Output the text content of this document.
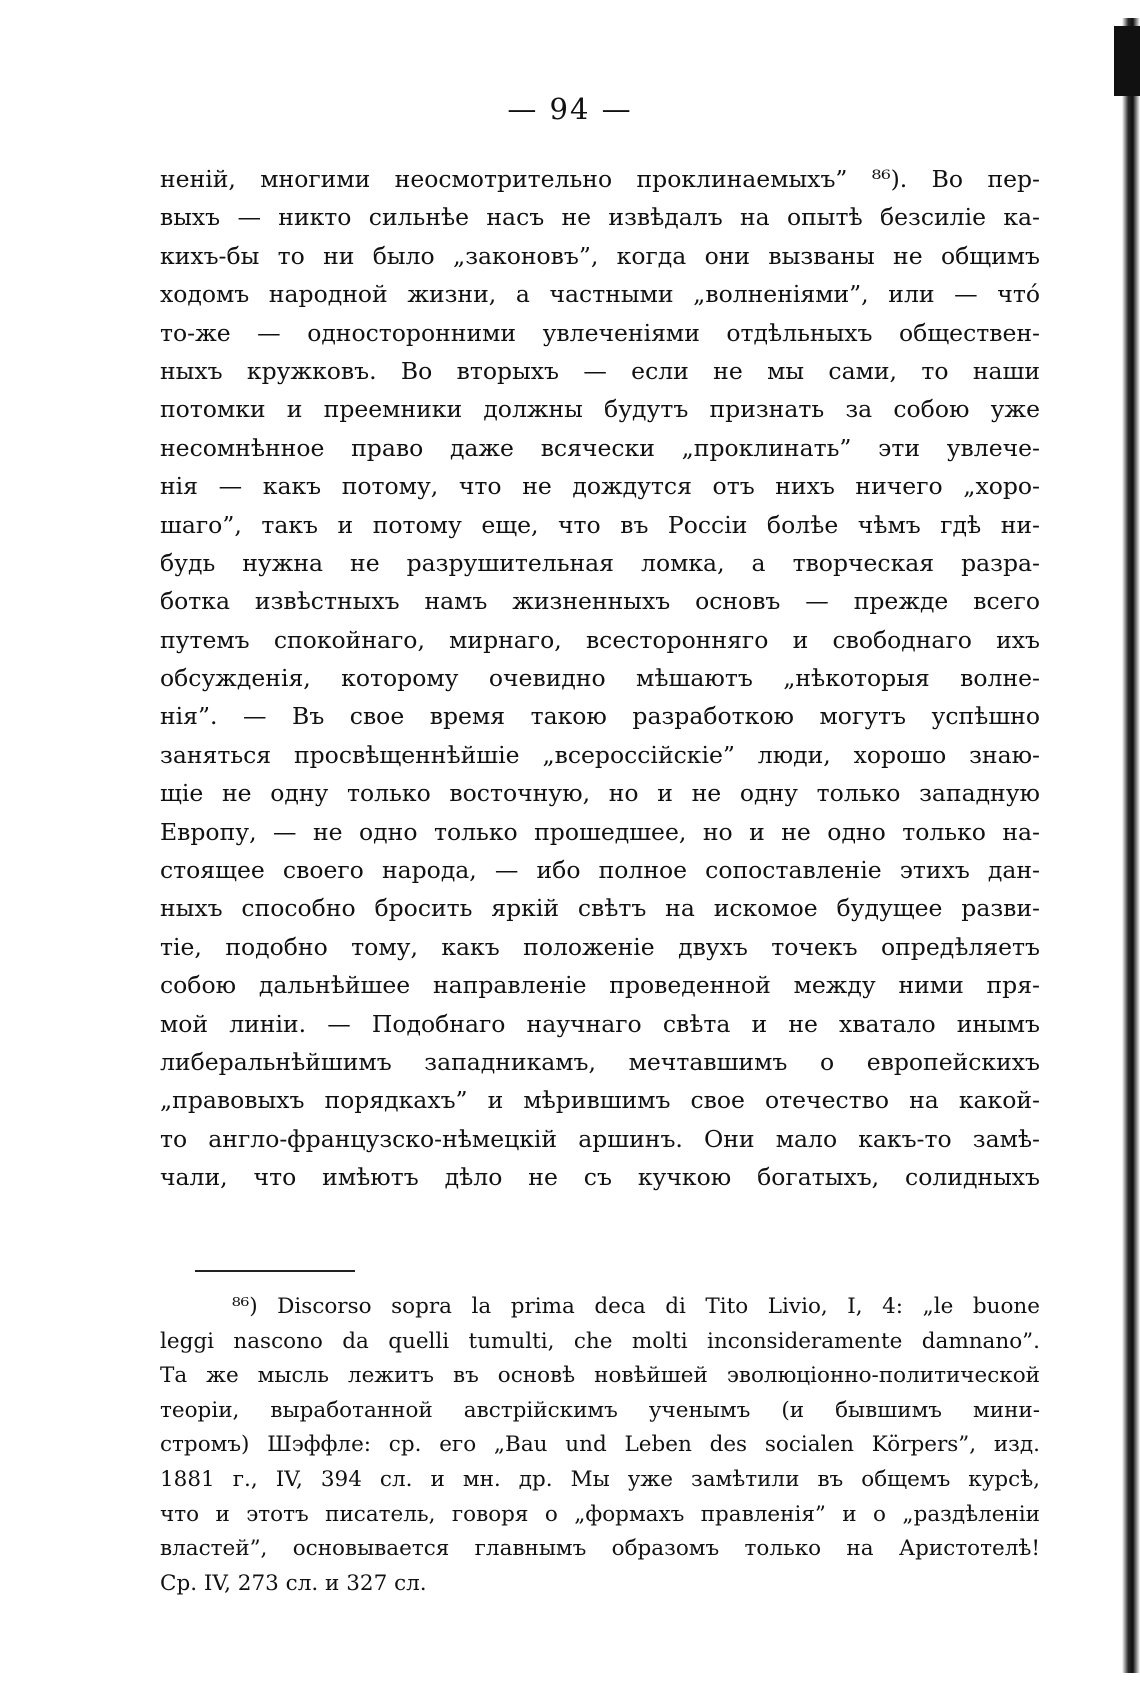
— 94 —
ненiй, многими неосмотрительно проклинаемыхъ” ⁸⁶). Во пер-
выхъ — никто сильнѣе насъ не извѣдалъ на опытѣ безсилiе ка-
кихъ-бы то ни было „законовъ”, когда они вызваны не общимъ
ходомъ народной жизни, а частными „волненiями”, или — чтó
то-же — односторонними увлеченiями отдѣльныхъ обществен-
ныхъ кружковъ. Во вторыхъ — если не мы сами, то наши
потомки и преемники должны будутъ признать за собою уже
несомнѣнное право даже всячески „проклинать” эти увлече-
нiя — какъ потому, что не дождутся отъ нихъ ничего „хоро-
шаго”, такъ и потому еще, что въ Россiи болѣе чѣмъ гдѣ ни-
будь нужна не разрушительная ломка, а творческая разра-
ботка извѣстныхъ намъ жизненныхъ основъ — прежде всего
путемъ спокойнаго, мирнаго, всесторонняго и свободнаго ихъ
обсужденiя, которому очевидно мѣшаютъ „нѣкоторыя волне-
нiя”. — Въ свое время такою разработкою могутъ успѣшно
заняться просвѣщеннѣйшiе „всероссiйскiе” люди, хорошо знаю-
щiе не одну только восточную, но и не одну только западную
Европу, — не одно только прошедшее, но и не одно только на-
стоящее своего народа, — ибо полное сопоставленiе этихъ дан-
ныхъ способно бросить яркiй свѣтъ на искомое будущее разви-
тiе, подобно тому, какъ положенiе двухъ точекъ опредѣляетъ
собою дальнѣйшее направленiе проведенной между ними пря-
мой линiи. — Подобнаго научнаго свѣта и не хватало инымъ
либеральнѣйшимъ западникамъ, мечтавшимъ о европейскихъ
„правовыхъ порядкахъ” и мѣрившимъ свое отечество на какой-
то англо-французско-нѣмецкiй аршинъ. Они мало какъ-то замѣ-
чали, что имѣютъ дѣло не съ кучкою богатыхъ, солидныхъ
⁸⁶) Discorso sopra la prima deca di Tito Livio, I, 4: „le buone
leggi nascono da quelli tumulti, che molti inconsideramente damnano”.
Та же мысль лежитъ въ основѣ новѣйшей эволюцiонно-политической
теорiи, выработанной австрiйскимъ ученымъ (и бывшимъ мини-
стромъ) Шэффле: ср. его „Bau und Leben des socialen Körpers”, изд.
1881 г., IV, 394 сл. и мн. др. Мы уже замѣтили въ общемъ курсѣ,
что и этотъ писатель, говоря о „формахъ правленiя” и о „раздѣленiи
властей”, основывается главнымъ образомъ только на Аристотелѣ!
Ср. IV, 273 сл. и 327 сл.
